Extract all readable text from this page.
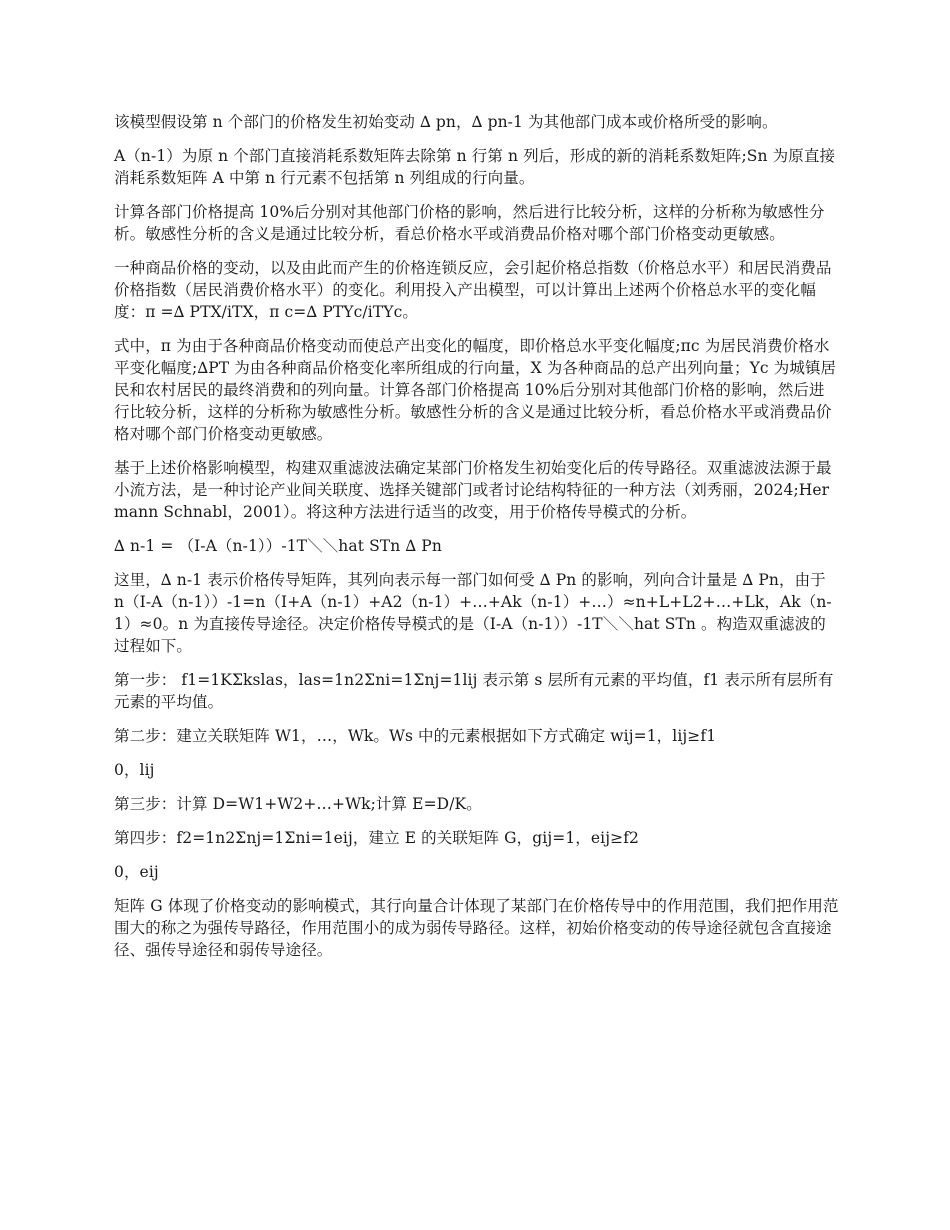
该模型假设第 n 个部门的价格发生初始变动 ∆ pn，∆ pn-1 为其他部门成本或价格所受的影响。

A（n-1）为原 n 个部门直接消耗系数矩阵去除第 n 行第 n 列后，形成的新的消耗系数矩阵;Sn 为原直接消耗系数矩阵 A 中第 n 行元素不包括第 n 列组成的行向量。

计算各部门价格提高 10%后分别对其他部门价格的影响，然后进行比较分析，这样的分析称为敏感性分析。敏感性分析的含义是通过比较分析，看总价格水平或消费品价格对哪个部门价格变动更敏感。

一种商品价格的变动，以及由此而产生的价格连锁反应，会引起价格总指数（价格总水平）和居民消费品价格指数（居民消费价格水平）的变化。利用投入产出模型，可以计算出上述两个价格总水平的变化幅度：π =∆ PTX/iTX，π c=∆ PTYc/iTYc。

式中，π 为由于各种商品价格变动而使总产出变化的幅度，即价格总水平变化幅度;πc 为居民消费价格水平变化幅度;∆PT 为由各种商品价格变化率所组成的行向量，X 为各种商品的总产出列向量；Yc 为城镇居民和农村居民的最终消费和的列向量。计算各部门价格提高 10%后分别对其他部门价格的影响，然后进行比较分析，这样的分析称为敏感性分析。敏感性分析的含义是通过比较分析，看总价格水平或消费品价格对哪个部门价格变动更敏感。

基于上述价格影响模型，构建双重滤波法确定某部门价格发生初始变化后的传导路径。双重滤波法源于最小流方法，是一种讨论产业间关联度、选择关键部门或者讨论结构特征的一种方法（刘秀丽，2024;Hermann Schnabl，2001）。将这种方法进行适当的改变，用于价格传导模式的分析。

∆ n-1 = （I-A（n-1））-1T＼＼hat STn ∆ Pn

这里，∆ n-1 表示价格传导矩阵，其列向表示每一部门如何受 ∆ Pn 的影响，列向合计量是 ∆ Pn，由于 n（I-A（n-1））-1=n（I+A（n-1）+A2（n-1）+…+Ak（n-1）+…）≈n+L+L2+…+Lk，Ak（n-1）≈0。n 为直接传导途径。决定价格传导模式的是（I-A（n-1））-1T＼＼hat STn 。构造双重滤波的过程如下。

第一步： f1=1KΣkslas，las=1n2Σni=1Σnj=1lij 表示第 s 层所有元素的平均值，f1 表示所有层所有元素的平均值。

第二步：建立关联矩阵 W1，…，Wk。Ws 中的元素根据如下方式确定 wij=1，lij≥f1

0，lij

第三步：计算 D=W1+W2+…+Wk;计算 E=D/K。

第四步：f2=1n2Σnj=1Σni=1eij，建立 E 的关联矩阵 G，gij=1，eij≥f2

0，eij

矩阵 G 体现了价格变动的影响模式，其行向量合计体现了某部门在价格传导中的作用范围，我们把作用范围大的称之为强传导路径，作用范围小的成为弱传导路径。这样，初始价格变动的传导途径就包含直接途径、强传导途径和弱传导途径。
